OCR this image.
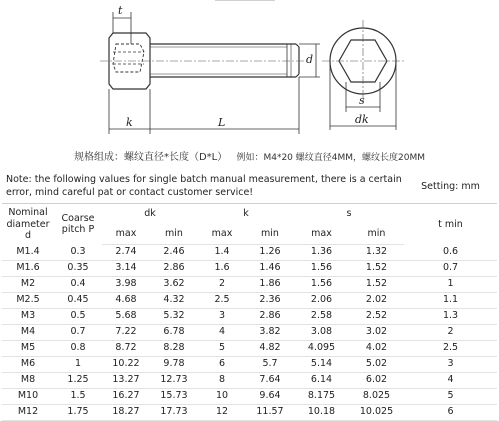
t
k	L
d
s
dk
规格组成：螺纹直径*长度（D*L） 例如：M4*20 螺纹直径4MM，螺纹长度20MM
Note: the following values for single batch manual measurement, there is a certain error, mind careful pat or contact customer service!								Setting: mm
Nominal diameter d	Coarse pitch P	dk		k		s		t min
		max	min	max	min	max	min	
M1.4	0.3	2.74	2.46	1.4	1.26	1.36	1.32	0.6
M1.6	0.35	3.14	2.86	1.6	1.46	1.56	1.52	0.7
M2	0.4	3.98	3.62	2	1.86	1.56	1.52	1
M2.5	0.45	4.68	4.32	2.5	2.36	2.06	2.02	1.1
M3	0.5	5.68	5.32	3	2.86	2.58	2.52	1.3
M4	0.7	7.22	6.78	4	3.82	3.08	3.02	2
M5	0.8	8.72	8.28	5	4.82	4.095	4.02	2.5
M6	1	10.22	9.78	6	5.7	5.14	5.02	3
M8	1.25	13.27	12.73	8	7.64	6.14	6.02	4
M10	1.5	16.27	15.73	10	9.64	8.175	8.025	5
M12	1.75	18.27	17.73	12	11.57	10.18	10.025	6
